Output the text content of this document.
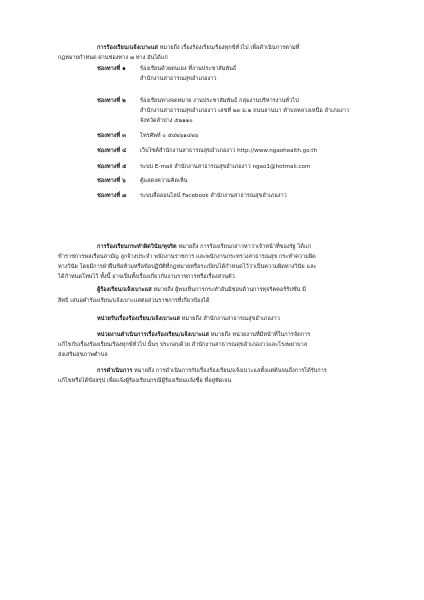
การร้องเรียน/แจ้งเบาะแส หมายถึง เรื่องร้องเรียน/ร้องทุกข์ทั่วไป เพื่อดำเนินการตามที่
กฎหมายกำหนด ผ่านช่องทาง ๗ ทาง อันได้แก่
ช่องทางที่ ๑	ร้องเรียนด้วยตนเอง ที่งานประชาสัมพันธ์
สำนักงานสาธารณสุขอำเภองาว
ช่องทางที่ ๒	ร้องเรียนทางจดหมาย งานประชาสัมพันธ์ กลุ่มงานบริหารงานทั่วไป
สำนักงานสาธารณสุขอำเภองาว เลขที่ ๒๓ ม.๒ ถนนลานนา ตำบลหลวงเหนือ อำเภองาว
จังหวัดลำปาง ๕๒๑๑๐
ช่องทางที่ ๓	โทรศัพท์ ๐ ๕๔๒๖๑๔๒๖
ช่องทางที่ ๔ เว็บไซต์สำนักงานสาธารณสุขอำเภองาว http://www.ngaohealth.go.th
ช่องทางที่ ๕ ระบบ E-mail สำนักงานสาธารณสุขอำเภองาว ngao1@hotmail.com
ช่องทางที่ ๖	ตู้แสดงความคิดเห็น
ช่องทางที่ ๗ ระบบสื่อออนไลน์ Facebook สำนักงานสาธารณสุขอำเภองาว
การร้องเรียนกระทำผิดวินัย/ทุจริต หมายถึง การร้องเรียนกล่าวหาว่าเจ้าหน้าที่ของรัฐ ได้แก่
ข้าราชการพลเรือนสามัญ ลูกจ้างประจำ พนักงานราชการ และพนักงานกระทรวงสาธารณสุข กระทำความผิด
ทางวินัย โดยมีการฝ่าฝืนข้อห้ามหรือข้อปฏิบัติที่กฎหมายหรือระเบียบได้กำหนดไว้ว่าเป็นความผิดทางวินัย และ
ได้กำหนดโทษไว้ ทั้งนี้ อาจเป็นทั้งเรื่องเกี่ยวกับงานราชการหรือเรื่องส่วนตัว
ผู้ร้องเรียน/แจ้งเบาะแส หมายถึง ผู้พบเห็นการกระทำอันมิชอบด้านการทุจริตคอร์รัปชั่น มี
สิทธิ เสนอคำร้องเรียน/แจ้งเบาะแสต่อส่วนราชการที่เกี่ยวข้องได้
หน่วยรับเรื่องร้องเรียน/แจ้งเบาะแส หมายถึง สำนักงานสาธารณสุขอำเภองาว
หน่วยงานดำเนินการเรื่องร้องเรียน/แจ้งเบาะแส หมายถึง หน่วยงานที่มีหน้าที่ในการจัดการ
แก้ไขกับเรื่องร้องเรียน/ร้องทุกข์ทั่วไป นั้นๆ ประกอบด้วย สำนักงานสาธารณสุขอำเภองาวและโรงพยาบาล
ส่งเสริมสุขภาพตำบล
การดำเนินการ หมายถึง การดำเนินการกับเรื่องร้องเรียน/แจ้งเบาะแสตั้งแต่ต้นจนถึงการได้รับการ
แก้ไขหรือได้ข้อสรุป เพื่อแจ้งผู้ร้องเรียนกรณีผู้ร้องเรียนแจ้งชื่อ ที่อยู่ชัดเจน
